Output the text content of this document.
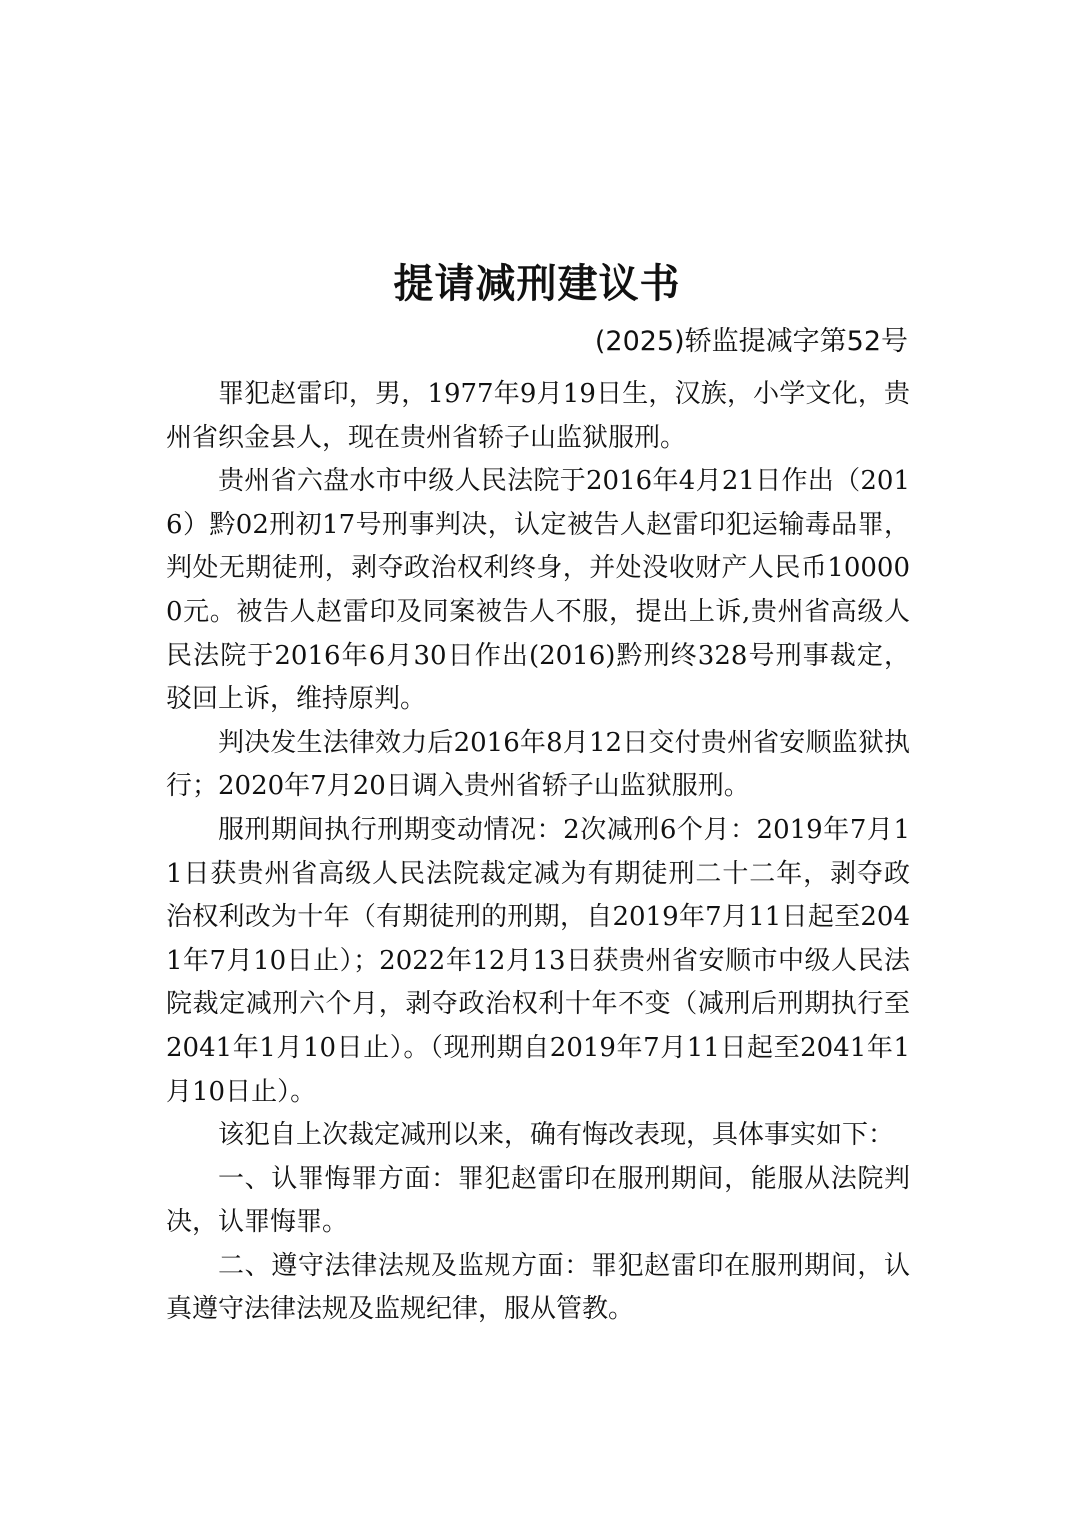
提请减刑建议书
(2025)轿监提减字第52号

罪犯赵雷印，男，1977年9月19日生，汉族，小学文化，贵州省织金县人，现在贵州省轿子山监狱服刑。

贵州省六盘水市中级人民法院于2016年4月21日作出（2016）黔02刑初17号刑事判决，认定被告人赵雷印犯运输毒品罪，判处无期徒刑，剥夺政治权利终身，并处没收财产人民币100000元。被告人赵雷印及同案被告人不服，提出上诉,贵州省高级人民法院于2016年6月30日作出(2016)黔刑终328号刑事裁定，驳回上诉，维持原判。

判决发生法律效力后2016年8月12日交付贵州省安顺监狱执行；2020年7月20日调入贵州省轿子山监狱服刑。

服刑期间执行刑期变动情况：2次减刑6个月：2019年7月11日获贵州省高级人民法院裁定减为有期徒刑二十二年，剥夺政治权利改为十年（有期徒刑的刑期，自2019年7月11日起至2041年7月10日止）；2022年12月13日获贵州省安顺市中级人民法院裁定减刑六个月，剥夺政治权利十年不变（减刑后刑期执行至2041年1月10日止）。（现刑期自2019年7月11日起至2041年1月10日止）。

该犯自上次裁定减刑以来，确有悔改表现，具体事实如下：

一、认罪悔罪方面：罪犯赵雷印在服刑期间，能服从法院判决，认罪悔罪。

二、遵守法律法规及监规方面：罪犯赵雷印在服刑期间，认真遵守法律法规及监规纪律，服从管教。
